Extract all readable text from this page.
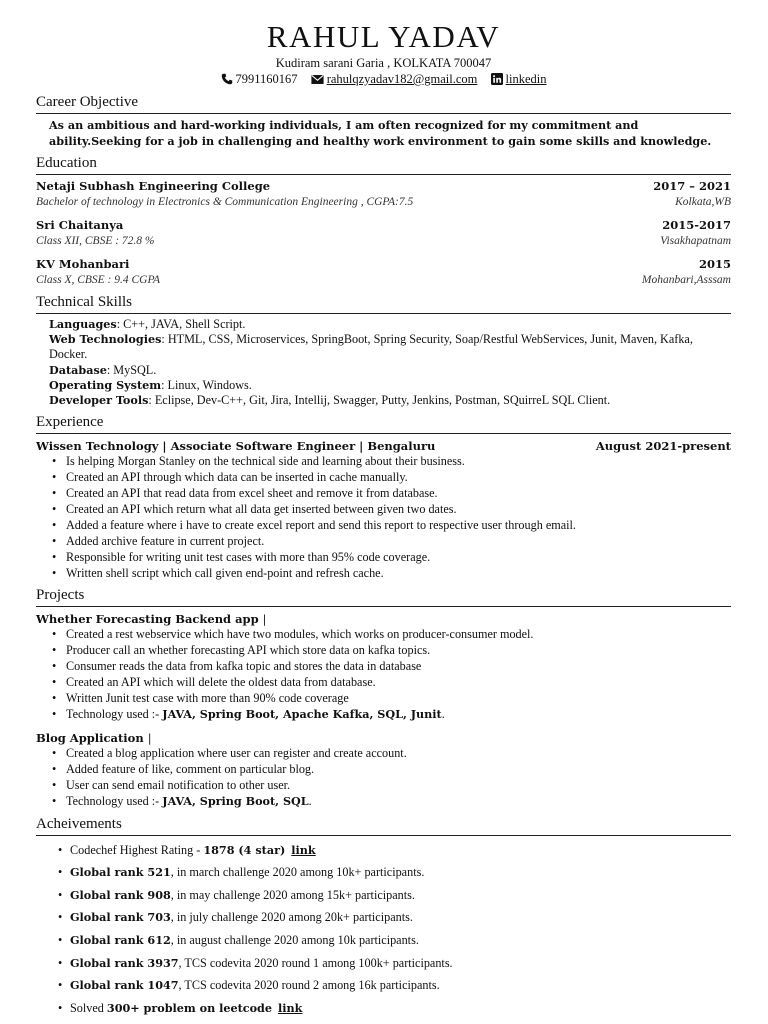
RAHUL YADAV
Kudiram sarani Garia , KOLKATA 700047
7991160167 rahulqzyadav182@gmail.com linkedin
Career Objective
As an ambitious and hard-working individuals, I am often recognized for my commitment and ability.Seeking for a job in challenging and healthy work environment to gain some skills and knowledge.
Education
Netaji Subhash Engineering College	2017 – 2021
Bachelor of technology in Electronics & Communication Engineering , CGPA:7.5	Kolkata,WB
Sri Chaitanya	2015-2017
Class XII, CBSE : 72.8 %	Visakhapatnam
KV Mohanbari	2015
Class X, CBSE : 9.4 CGPA	Mohanbari,Asssam
Technical Skills
Languages: C++, JAVA, Shell Script.
Web Technologies: HTML, CSS, Microservices, SpringBoot, Spring Security, Soap/Restful WebServices, Junit, Maven, Kafka, Docker.
Database: MySQL.
Operating System: Linux, Windows.
Developer Tools: Eclipse, Dev-C++, Git, Jira, Intellij, Swagger, Putty, Jenkins, Postman, SQuirreL SQL Client.
Experience
Wissen Technology | Associate Software Engineer | Bengaluru	August 2021-present
• Is helping Morgan Stanley on the technical side and learning about their business.
• Created an API through which data can be inserted in cache manually.
• Created an API that read data from excel sheet and remove it from database.
• Created an API which return what all data get inserted between given two dates.
• Added a feature where i have to create excel report and send this report to respective user through email.
• Added archive feature in current project.
• Responsible for writing unit test cases with more than 95% code coverage.
• Written shell script which call given end-point and refresh cache.
Projects
Whether Forecasting Backend app |
• Created a rest webservice which have two modules, which works on producer-consumer model.
• Producer call an whether forecasting API which store data on kafka topics.
• Consumer reads the data from kafka topic and stores the data in database
• Created an API which will delete the oldest data from database.
• Written Junit test case with more than 90% code coverage
• Technology used :- JAVA, Spring Boot, Apache Kafka, SQL, Junit.
Blog Application |
• Created a blog application where user can register and create account.
• Added feature of like, comment on particular blog.
• User can send email notification to other user.
• Technology used :- JAVA, Spring Boot, SQL.
Acheivements
• Codechef Highest Rating - 1878 (4 star) link
• Global rank 521, in march challenge 2020 among 10k+ participants.
• Global rank 908, in may challenge 2020 among 15k+ participants.
• Global rank 703, in july challenge 2020 among 20k+ participants.
• Global rank 612, in august challenge 2020 among 10k participants.
• Global rank 3937, TCS codevita 2020 round 1 among 100k+ participants.
• Global rank 1047, TCS codevita 2020 round 2 among 16k participants.
• Solved 300+ problem on leetcode link
